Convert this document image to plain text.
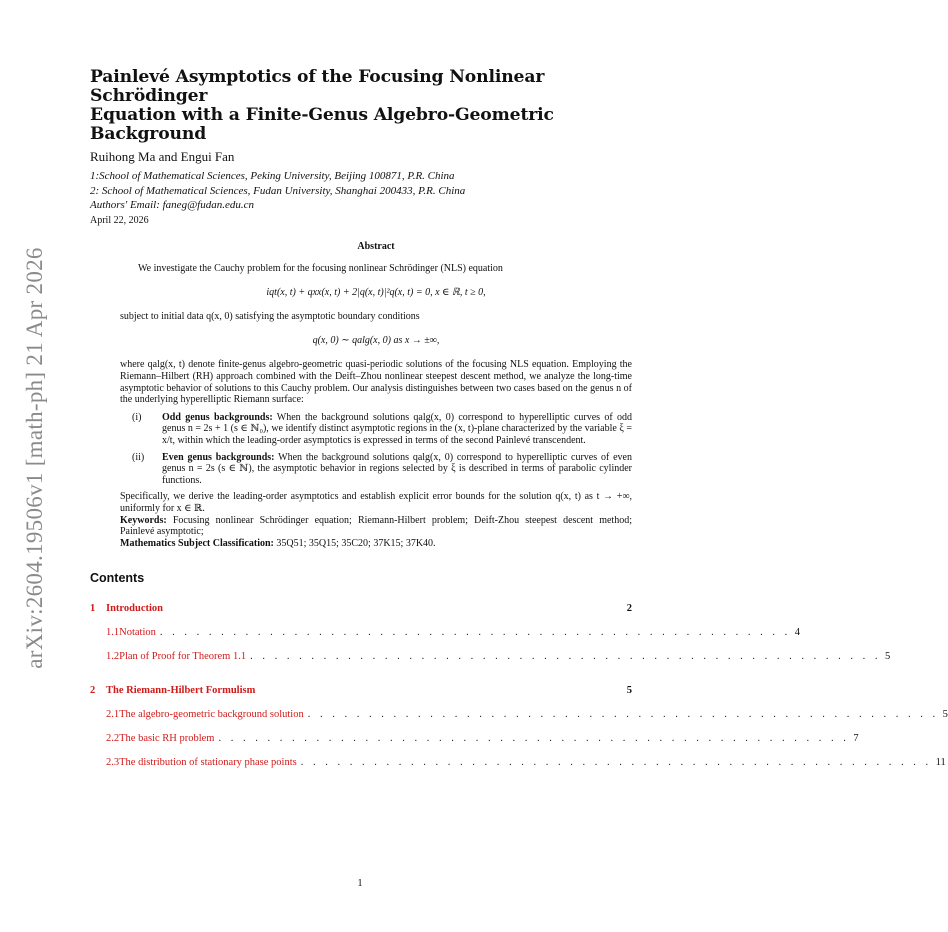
arXiv:2604.19506v1 [math-ph] 21 Apr 2026
Painlevé Asymptotics of the Focusing Nonlinear Schrödinger
Equation with a Finite-Genus Algebro-Geometric Background
Ruihong Ma and Engui Fan
1:School of Mathematical Sciences, Peking University, Beijing 100871, P.R. China
2: School of Mathematical Sciences, Fudan University, Shanghai 200433, P.R. China
Authors' Email: faneg@fudan.edu.cn
April 22, 2026
Abstract

We investigate the Cauchy problem for the focusing nonlinear Schrödinger (NLS) equation

iqt(x, t) + qxx(x, t) + 2|q(x, t)|²q(x, t) = 0, x ∈ ℝ, t ≥ 0,

subject to initial data q(x, 0) satisfying the asymptotic boundary conditions

q(x, 0) ∼ qalg(x, 0) as x → ±∞,

where qalg(x, t) denote finite-genus algebro-geometric quasi-periodic solutions of the focusing NLS equation. Employing the Riemann–Hilbert (RH) approach combined with the Deift–Zhou nonlinear steepest descent method, we analyze the long-time asymptotic behavior of solutions to this Cauchy problem. Our analysis distinguishes between two cases based on the genus n of the underlying hyperelliptic Riemann surface:

(i) Odd genus backgrounds: When the background solutions qalg(x, 0) correspond to hyperelliptic curves of odd genus n = 2s + 1 (s ∈ ℕ₀), we identify distinct asymptotic regions in the (x, t)-plane characterized by the variable ξ = x/t, within which the leading-order asymptotics is expressed in terms of the second Painlevé transcendent.
(ii) Even genus backgrounds: When the background solutions qalg(x, 0) correspond to hyperelliptic curves of even genus n = 2s (s ∈ ℕ), the asymptotic behavior in regions selected by ξ is described in terms of parabolic cylinder functions.

Specifically, we derive the leading-order asymptotics and establish explicit error bounds for the solution q(x, t) as t → +∞, uniformly for x ∈ ℝ.

Keywords: Focusing nonlinear Schrödinger equation; Riemann-Hilbert problem; Deift-Zhou steepest descent method; Painlevé asymptotic;

Mathematics Subject Classification: 35Q51; 35Q15; 35C20; 37K15; 37K40.

Contents
1	Introduction	2
1.1 Notation . . . . . . . . . . . . . . . . . . . . . . . . . . . . . . . . . . . . . . . . . . . . . . . . . . . . 4
1.2 Plan of Proof for Theorem 1.1 . . . . . . . . . . . . . . . . . . . . . . . . . . . . . . . . . . . . . . . . . . . . . . . . . . . . 5
2	The Riemann-Hilbert Formulism	5
2.1 The algebro-geometric background solution . . . . . . . . . . . . . . . . . . . . . . . . . . . . . . . . . . . . . . . . . . . . . . . . . . . . 5
2.2 The basic RH problem . . . . . . . . . . . . . . . . . . . . . . . . . . . . . . . . . . . . . . . . . . . . . . . . . . . . 7
2.3 The distribution of stationary phase points . . . . . . . . . . . . . . . . . . . . . . . . . . . . . . . . . . . . . . . . . . . . . . . . . . . . 11
1
